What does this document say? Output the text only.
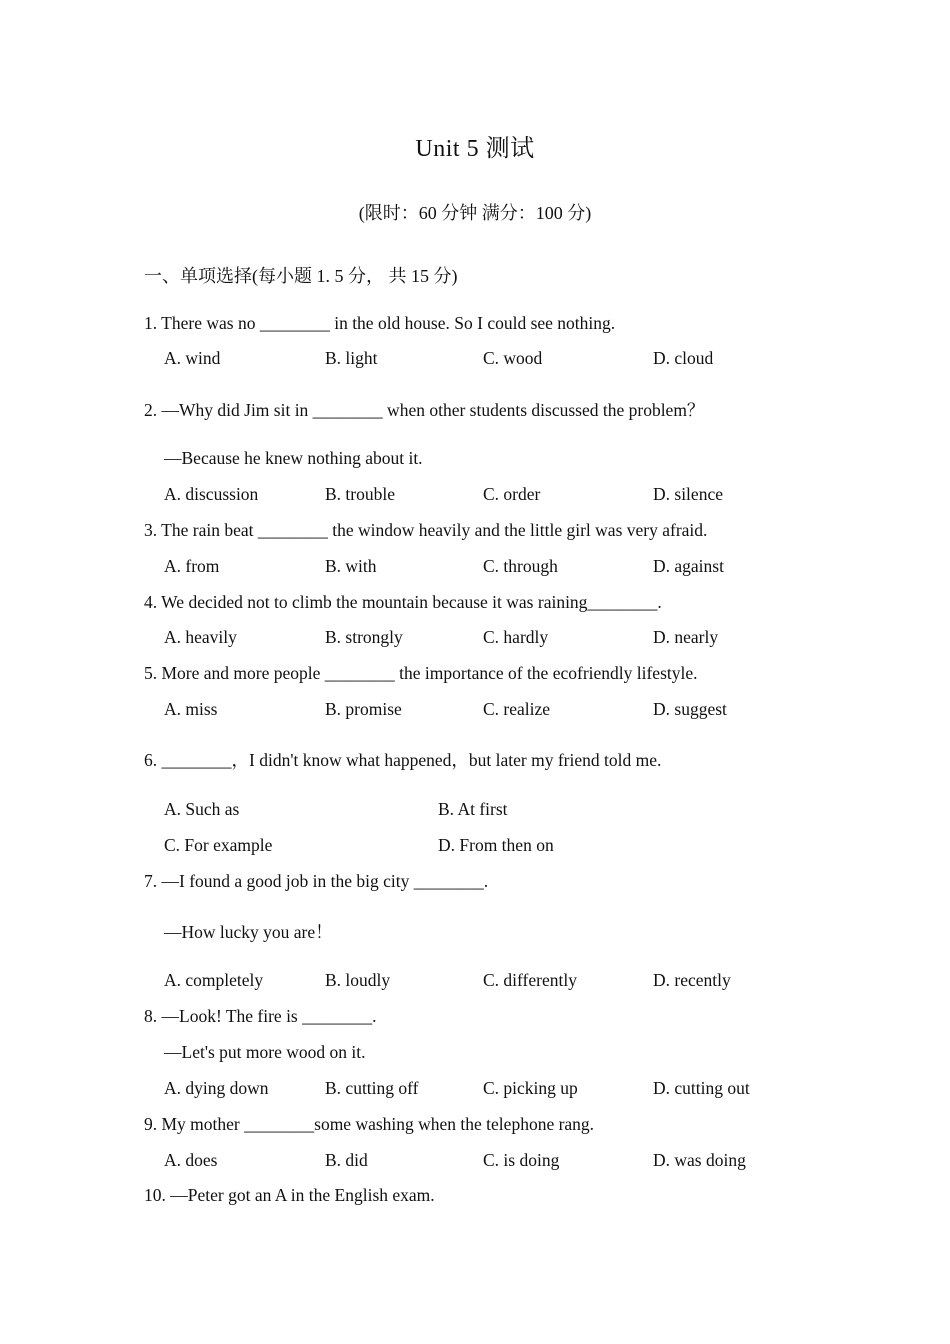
Unit 5 测试
(限时：60 分钟 满分：100 分)
一、单项选择(每小题 1. 5 分， 共 15 分)
1. There was no ________ in the old house. So I could see nothing.
A. wind	B. light	C. wood	D. cloud
2. —Why did Jim sit in ________ when other students discussed the problem？
—Because he knew nothing about it.
A. discussion	B. trouble	C. order	D. silence
3. The rain beat ________ the window heavily and the little girl was very afraid.
A. from	B. with	C. through	D. against
4. We decided not to climb the mountain because it was raining________.
A. heavily	B. strongly	C. hardly	D. nearly
5. More and more people ________ the importance of the ecofriendly lifestyle.
A. miss	B. promise	C. realize	D. suggest
6. ________，I didn't know what happened，but later my friend told me.
A. Such as	B. At first
C. For example	D. From then on
7. —I found a good job in the big city ________.
—How lucky you are！
A. completely	B. loudly	C. differently	D. recently
8. —Look! The fire is ________.
—Let's put more wood on it.
A. dying down	B. cutting off	C. picking up	D. cutting out
9. My mother ________some washing when the telephone rang.
A. does	B. did	C. is doing	D. was doing
10. —Peter got an A in the English exam.
